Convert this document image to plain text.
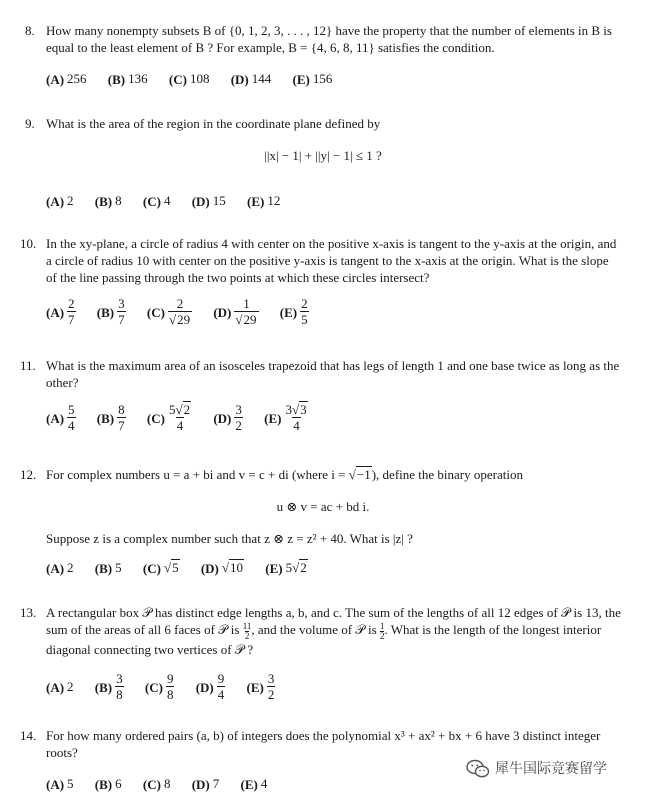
8. How many nonempty subsets B of {0, 1, 2, 3, . . . , 12} have the property that the number of elements in B is equal to the least element of B ? For example, B = {4, 6, 8, 11} satisfies the condition.
(A) 256 (B) 136 (C) 108 (D) 144 (E) 156
9. What is the area of the region in the coordinate plane defined by
||x| − 1| + ||y| − 1| ≤ 1 ?
(A) 2 (B) 8 (C) 4 (D) 15 (E) 12
10. In the xy-plane, a circle of radius 4 with center on the positive x-axis is tangent to the y-axis at the origin, and a circle of radius 10 with center on the positive y-axis is tangent to the x-axis at the origin. What is the slope of the line passing through the two points at which these circles intersect?
$(A) \frac{2}{7} (B) \frac{3}{7} (C) \frac{2}{√29} (D) \frac{1}{√29} (E) \frac{2}{5}$
11. What is the maximum area of an isosceles trapezoid that has legs of length 1 and one base twice as long as the other?
$(A) \frac{5}{4} (B) \frac{8}{7} (C) \frac{5√2}{4} (D) \frac{3}{2} (E) \frac{3√3}{4}$
12. For complex numbers u = a + bi and v = c + di (where i = √−1), define the binary operation
u ⊗ v = ac + bd i.
Suppose z is a complex number such that z ⊗ z = z² + 40. What is |z| ?
(A) 2 (B) 5 (C) √5 (D) √10 (E) 5√2
13. A rectangular box 𝒫 has distinct edge lengths a, b, and c. The sum of the lengths of all 12 edges of 𝒫 is 13, the sum of the areas of all 6 faces of 𝒫 is $\frac{11}{2}$ , and the volume of 𝒫 is $\frac{1}{2}$ . What is the length of the longest interior diagonal connecting two vertices of 𝒫 ?
(A) 2 $(B) \frac{3}{8} (C) \frac{9}{8} (D) \frac{9}{4} (E) \frac{3}{2}$
14. For how many ordered pairs (a, b) of integers does the polynomial x³ + ax² + bx + 6 have 3 distinct integer roots?
(A) 5 (B) 6 (C) 8 (D) 7 (E) 4
犀牛国际竞赛留学
